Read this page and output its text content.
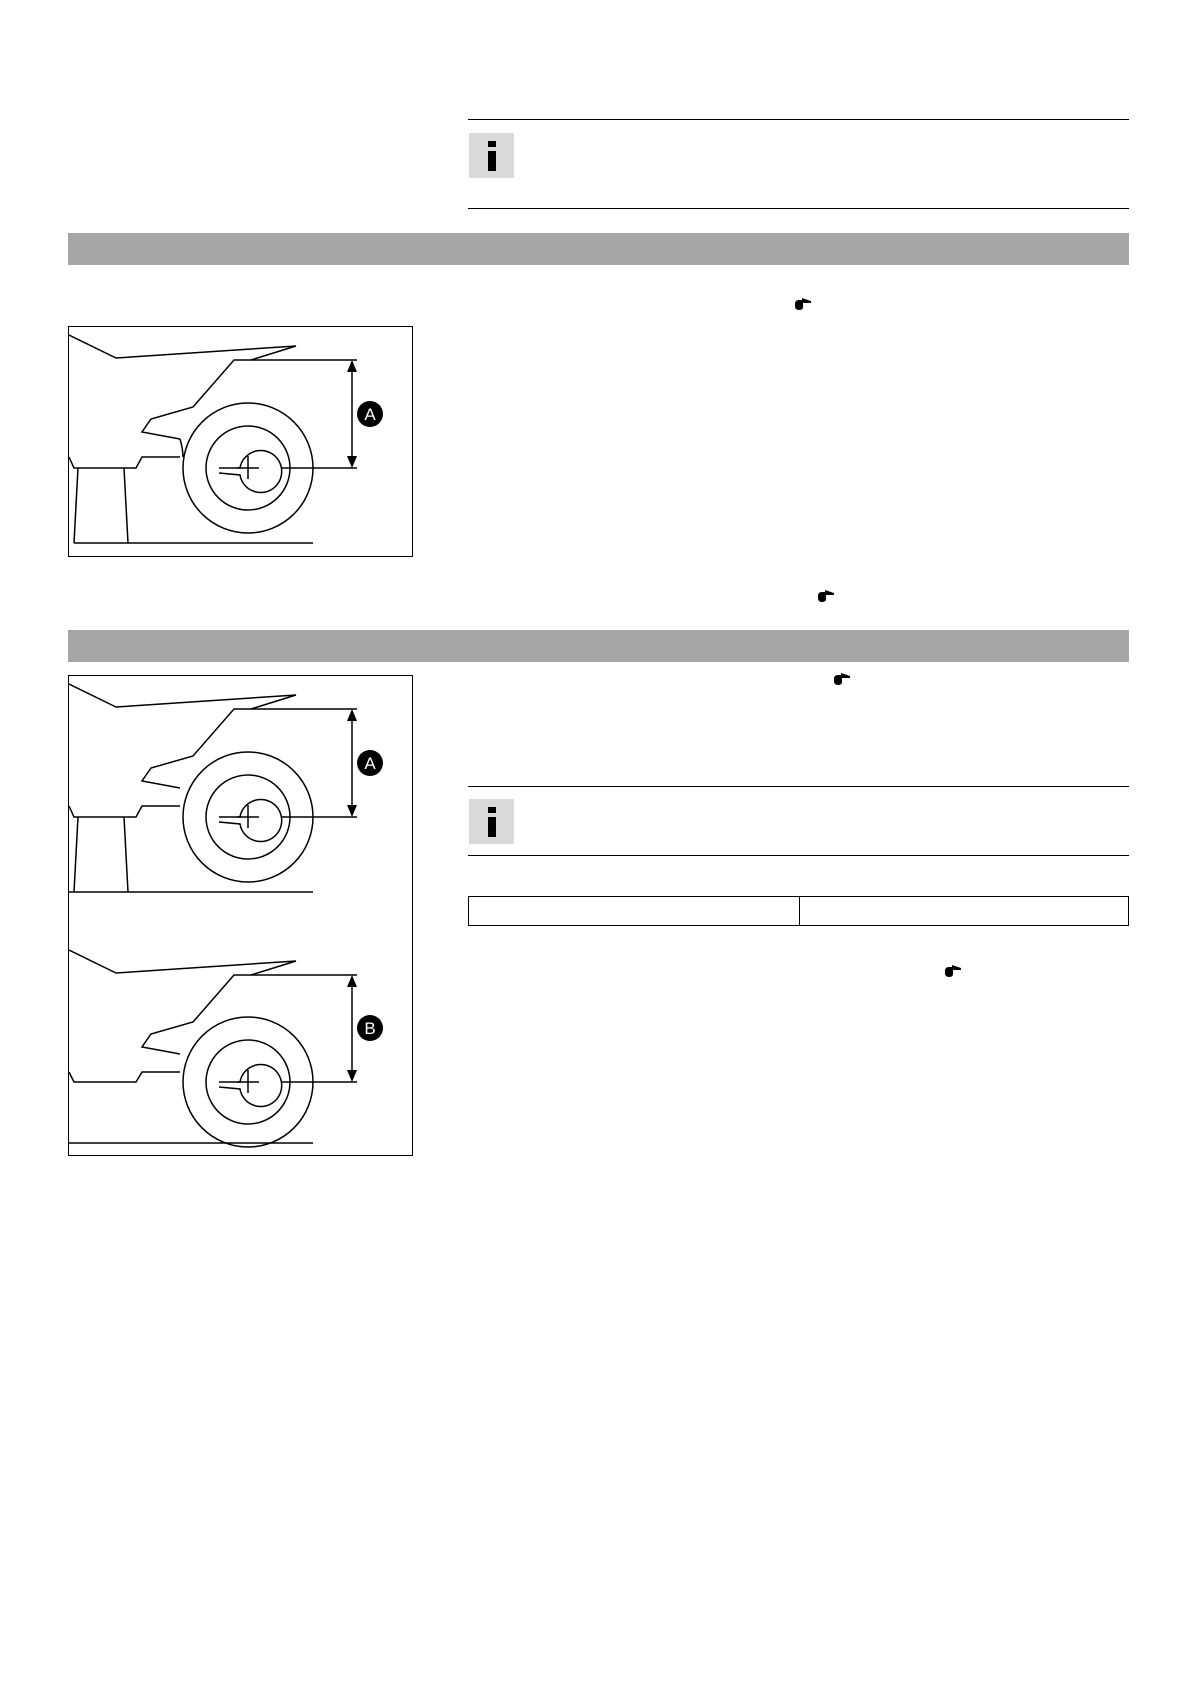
A
A
B
